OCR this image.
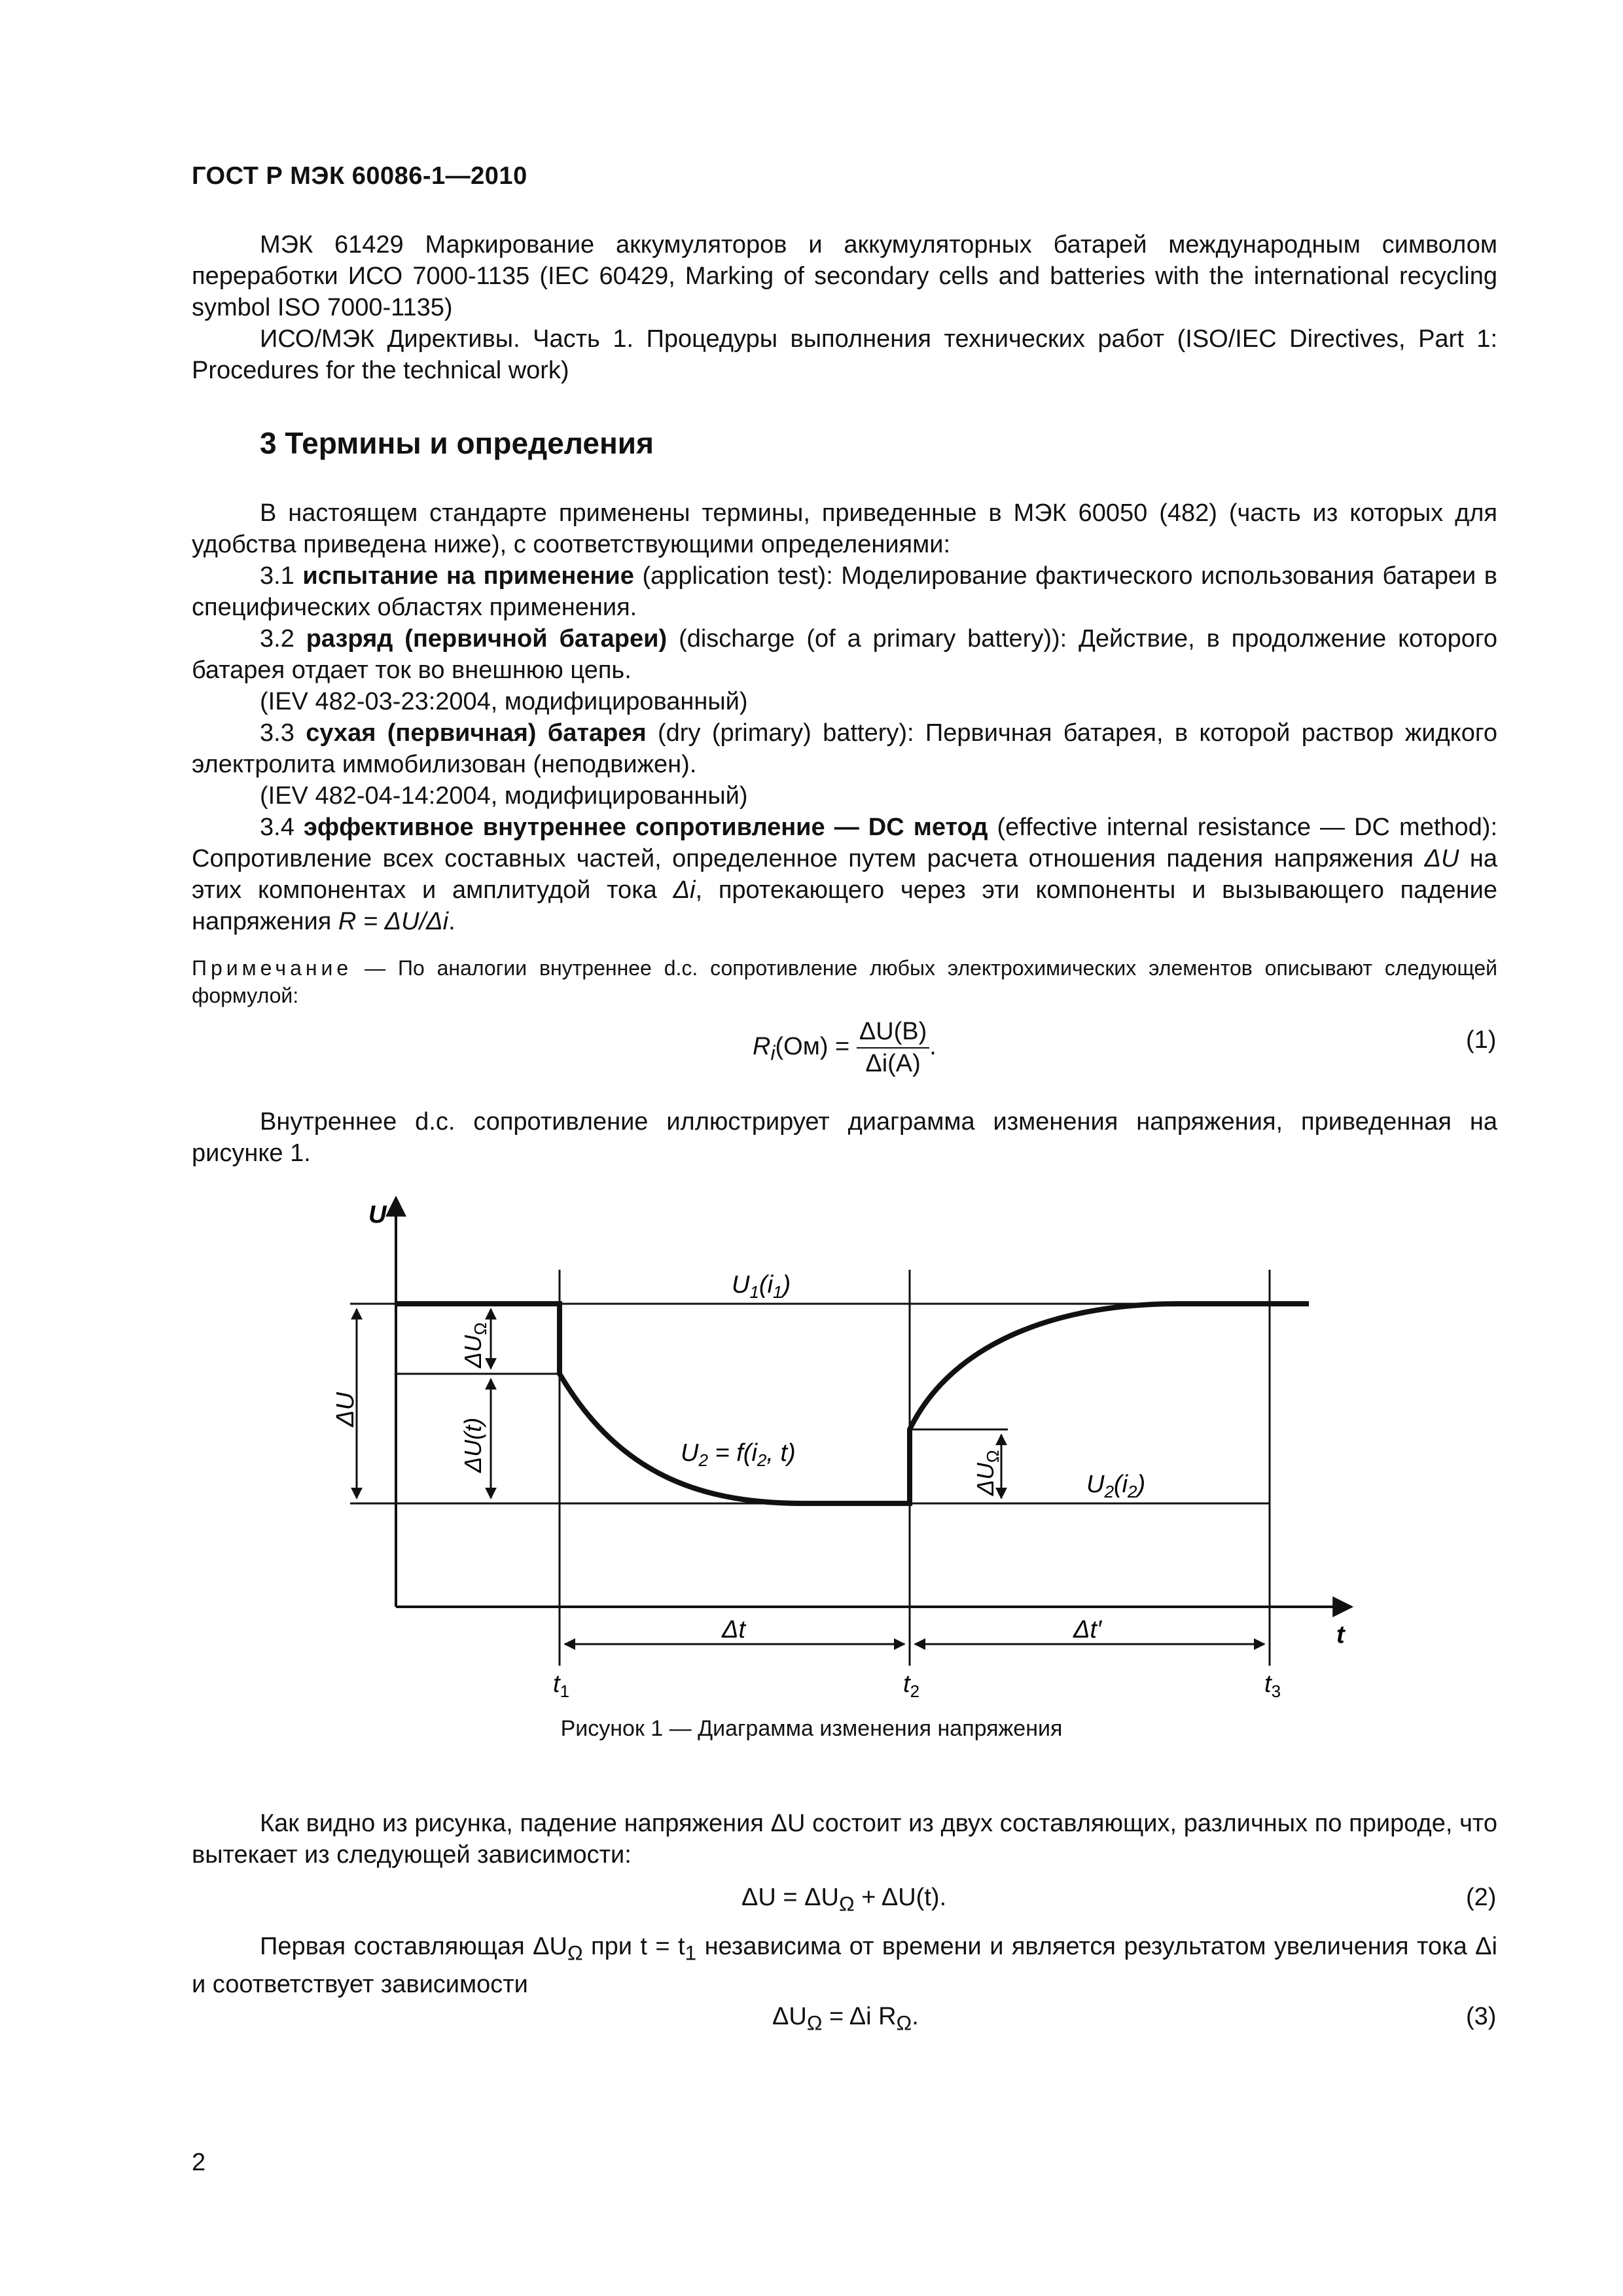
ГОСТ Р МЭК 60086-1—2010

МЭК 61429 Маркирование аккумуляторов и аккумуляторных батарей международным символом переработки ИСО 7000-1135 (IEC 60429, Marking of secondary cells and batteries with the international recycling symbol ISO 7000-1135)

ИСО/МЭК Директивы. Часть 1. Процедуры выполнения технических работ (ISO/IEC Directives, Part 1: Procedures for the technical work)

3 Термины и определения

В настоящем стандарте применены термины, приведенные в МЭК 60050 (482) (часть из которых для удобства приведена ниже), с соответствующими определениями:

3.1 испытание на применение (application test): Моделирование фактического использования батареи в специфических областях применения.

3.2 разряд (первичной батареи) (discharge (of a primary battery)): Действие, в продолжение которого батарея отдает ток во внешнюю цепь.

(IEV 482-03-23:2004, модифицированный)

3.3 сухая (первичная) батарея (dry (primary) battery): Первичная батарея, в которой раствор жидкого электролита иммобилизован (неподвижен).

(IEV 482-04-14:2004, модифицированный)

3.4 эффективное внутреннее сопротивление — DC метод (effective internal resistance — DC method): Сопротивление всех составных частей, определенное путем расчета отношения падения напряжения ΔU на этих компонентах и амплитудой тока Δi, протекающего через эти компоненты и вызывающего падение напряжения R = ΔU/Δi.

Примечание — По аналогии внутреннее d.c. сопротивление любых электрохимических элементов описывают следующей формулой:
$R_i(Ом) = \frac{\Delta U(В)}{\Delta i(А)}$ .	(1)

Внутреннее d.c. сопротивление иллюстрирует диаграмма изменения напряжения, приведенная на рисунке 1.

U
t
$U_1(i_1)$
$U_2 = f(i_2$, t)
$U_2(i_2)$
ΔU
$\Delta U_\Omega$
ΔU(t)
$\Delta U_\Omega$
Δt	Δt′
$t_1$	$t_2$	$t_3$
Рисунок 1 — Диаграмма изменения напряжения

Как видно из рисунка, падение напряжения ΔU состоит из двух составляющих, различных по природе, что вытекает из следующей зависимости:

$\Delta U = \Delta U_\Omega + \Delta U(t)$.	(2)

Первая составляющая $\Delta U_\Omega$ при $t = t_1$ независима от времени и является результатом увеличения тока Δi и соответствует зависимости

$\Delta U_\Omega = \Delta i$ $R_\Omega$.	(3)
2
